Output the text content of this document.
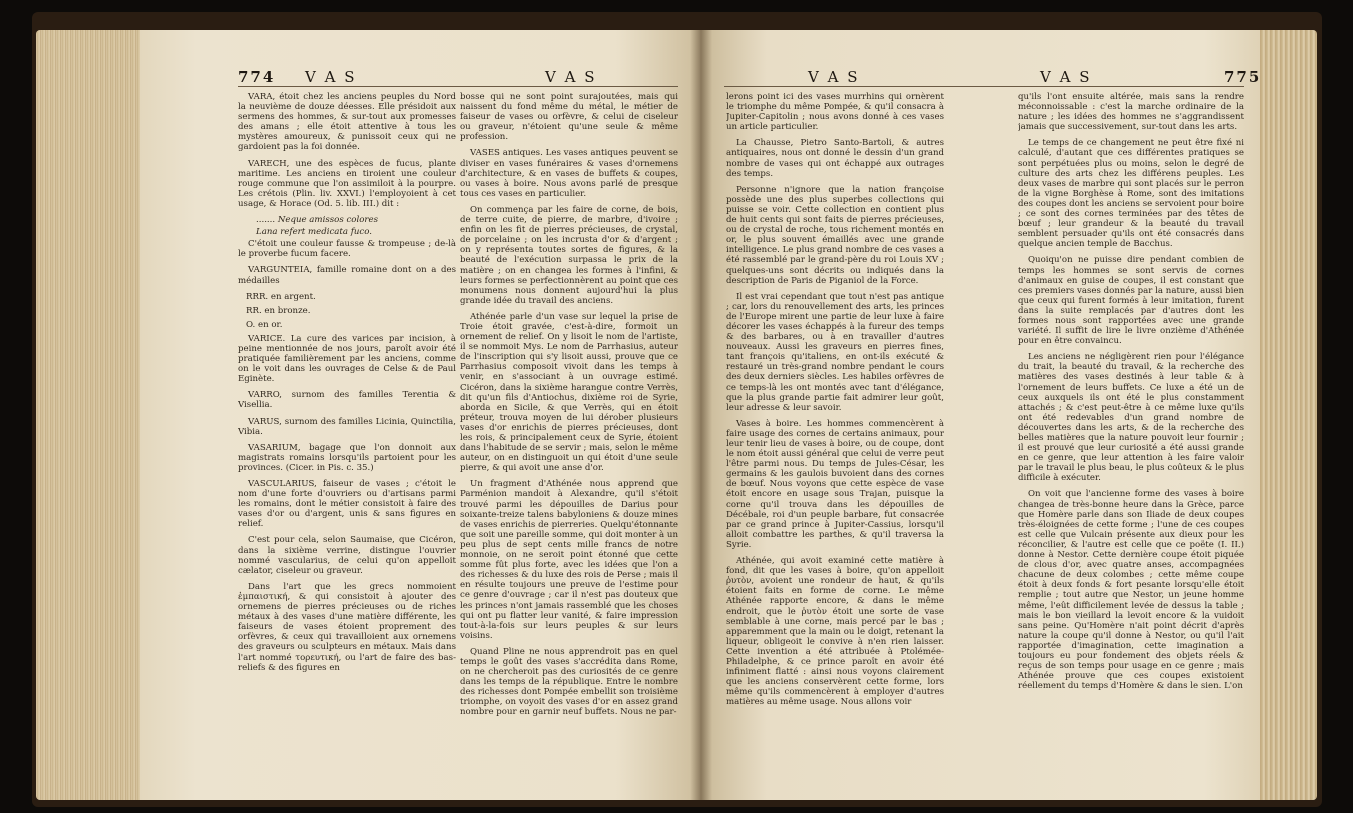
774 V A S	V A S	V A S	V A S	775

VARA, étoit chez les anciens peuples du Nord la neuvième de douze déesses. Elle présidoit aux sermens des hommes, & sur-tout aux promesses des amans ; elle étoit attentive à tous les mystères amoureux, & punissoit ceux qui ne gardoient pas la foi donnée.

VARECH, une des espèces de fucus, plante maritime. Les anciens en tiroient une couleur rouge commune que l'on assimiloit à la pourpre. Les crétois (Plin. liv. XXVI.) l'employoient à cet usage, & Horace (Od. 5. lib. III.) dit :

....... Neque amissos colores

Lana refert medicata fuco.

C'étoit une couleur fausse & trompeuse ; de-là le proverbe fucum facere.

VARGUNTEIA, famille romaine dont on a des médailles

RRR. en argent.

RR. en bronze.

O. en or.

VARICE. La cure des varices par incision, à peine mentionnée de nos jours, paroît avoir été pratiquée familièrement par les anciens, comme on le voit dans les ouvrages de Celse & de Paul Eginète.

VARRO, surnom des familles Terentia & Visellia.

VARUS, surnom des familles Licinia, Quinctilia, Vibia.

VASARIUM, bagage que l'on donnoit aux magistrats romains lorsqu'ils partoient pour les provinces. (Cicer. in Pis. c. 35.)

VASCULARIUS, faiseur de vases ; c'étoit le nom d'une forte d'ouvriers ou d'artisans parmi les romains, dont le métier consistoit à faire des vases d'or ou d'argent, unis & sans figures en relief.

C'est pour cela, selon Saumaise, que Cicéron, dans la sixième verrine, distingue l'ouvrier nommé vascularius, de celui qu'on appelloit cælator, ciseleur ou graveur.

Dans l'art que les grecs nommoient ἐμπαιστική, & qui consistoit à ajouter des ornemens de pierres précieuses ou de riches métaux à des vases d'une matière différente, les faiseurs de vases étoient proprement des orfèvres, & ceux qui travailloient aux ornemens des graveurs ou sculpteurs en métaux. Mais dans l'art nommé τορευτική, ou l'art de faire des bas-reliefs & des figures en

bosse qui ne sont point surajoutées, mais qui naissent du fond même du métal, le métier de faiseur de vases ou orfèvre, & celui de ciseleur ou graveur, n'étoient qu'une seule & même profession.

VASES antiques. Les vases antiques peuvent se diviser en vases funéraires & vases d'ornemens d'architecture, & en vases de buffets & coupes, ou vases à boire. Nous avons parlé de presque tous ces vases en particulier.

On commença par les faire de corne, de bois, de terre cuite, de pierre, de marbre, d'ivoire ; enfin on les fit de pierres précieuses, de crystal, de porcelaine ; on les incrusta d'or & d'argent ; on y représenta toutes sortes de figures, & la beauté de l'exécution surpassa le prix de la matière ; on en changea les formes à l'infini, & leurs formes se perfectionnèrent au point que ces monumens nous donnent aujourd'hui la plus grande idée du travail des anciens.

Athénée parle d'un vase sur lequel la prise de Troie étoit gravée, c'est-à-dire, formoit un ornement de relief. On y lisoit le nom de l'artiste, il se nommoit Mys. Le nom de Parrhasius, auteur de l'inscription qui s'y lisoit aussi, prouve que ce Parrhasius composoit vivoit dans les temps à venir, en s'associant à un ouvrage estimé. Cicéron, dans la sixième harangue contre Verrès, dit qu'un fils d'Antiochus, dixième roi de Syrie, aborda en Sicile, & que Verrès, qui en étoit préteur, trouva moyen de lui dérober plusieurs vases d'or enrichis de pierres précieuses, dont les rois, & principalement ceux de Syrie, étoient dans l'habitude de se servir ; mais, selon le même auteur, on en distinguoit un qui étoit d'une seule pierre, & qui avoit une anse d'or.

Un fragment d'Athénée nous apprend que Parménion mandoit à Alexandre, qu'il s'étoit trouvé parmi les dépouilles de Darius pour soixante-treize talens babyloniens & douze mines de vases enrichis de pierreries. Quelqu'étonnante que soit une pareille somme, qui doit monter à un peu plus de sept cents mille francs de notre monnoie, on ne seroit point étonné que cette somme fût plus forte, avec les idées que l'on a des richesses & du luxe des rois de Perse ; mais il en résulte toujours une preuve de l'estime pour ce genre d'ouvrage ; car il n'est pas douteux que les princes n'ont jamais rassemblé que les choses qui ont pu flatter leur vanité, & faire impression tout-à-la-fois sur leurs peuples & sur leurs voisins.

Quand Pline ne nous apprendroit pas en quel temps le goût des vases s'accrédita dans Rome, on ne chercheroit pas des curiosités de ce genre dans les temps de la république. Entre le nombre des richesses dont Pompée embellit son troisième triomphe, on voyoit des vases d'or en assez grand nombre pour en garnir neuf buffets. Nous ne par-

lerons point ici des vases murrhins qui ornèrent le triomphe du même Pompée, & qu'il consacra à Jupiter-Capitolin ; nous avons donné à ces vases un article particulier.

La Chausse, Pietro Santo-Bartoli, & autres antiquaires, nous ont donné le dessin d'un grand nombre de vases qui ont échappé aux outrages des temps.

Personne n'ignore que la nation françoise possède une des plus superbes collections qui puisse se voir. Cette collection en contient plus de huit cents qui sont faits de pierres précieuses, ou de crystal de roche, tous richement montés en or, le plus souvent émaillés avec une grande intelligence. Le plus grand nombre de ces vases a été rassemblé par le grand-père du roi Louis XV ; quelques-uns sont décrits ou indiqués dans la description de Paris de Piganiol de la Force.

Il est vrai cependant que tout n'est pas antique ; car, lors du renouvellement des arts, les princes de l'Europe mirent une partie de leur luxe à faire décorer les vases échappés à la fureur des temps & des barbares, ou à en travailler d'autres nouveaux. Aussi les graveurs en pierres fines, tant françois qu'italiens, en ont-ils exécuté & restauré un très-grand nombre pendant le cours des deux derniers siècles. Les habiles orfèvres de ce temps-là les ont montés avec tant d'élégance, que la plus grande partie fait admirer leur goût, leur adresse & leur savoir.

Vases à boire. Les hommes commencèrent à faire usage des cornes de certains animaux, pour leur tenir lieu de vases à boire, ou de coupe, dont le nom étoit aussi général que celui de verre peut l'être parmi nous. Du temps de Jules-César, les germains & les gaulois buvoient dans des cornes de bœuf. Nous voyons que cette espèce de vase étoit encore en usage sous Trajan, puisque la corne qu'il trouva dans les dépouilles de Décébale, roi d'un peuple barbare, fut consacrée par ce grand prince à Jupiter-Cassius, lorsqu'il alloit combattre les parthes, & qu'il traversa la Syrie.

Athénée, qui avoit examiné cette matière à fond, dit que les vases à boire, qu'on appelloit ῥυτὸν, avoient une rondeur de haut, & qu'ils étoient faits en forme de corne. Le même Athénée rapporte encore, & dans le même endroit, que le ῥυτὸν étoit une sorte de vase semblable à une corne, mais percé par le bas ; apparemment que la main ou le doigt, retenant la liqueur, obligeoit le convive à n'en rien laisser. Cette invention a été attribuée à Ptolémée-Philadelphe, & ce prince paroît en avoir été infiniment flatté : ainsi nous voyons clairement que les anciens conservèrent cette forme, lors même qu'ils commencèrent à employer d'autres matières au même usage. Nous allons voir

qu'ils l'ont ensuite altérée, mais sans la rendre méconnoissable : c'est la marche ordinaire de la nature ; les idées des hommes ne s'aggrandissent jamais que successivement, sur-tout dans les arts.

Le temps de ce changement ne peut être fixé ni calculé, d'autant que ces différentes pratiques se sont perpétuées plus ou moins, selon le degré de culture des arts chez les différens peuples. Les deux vases de marbre qui sont placés sur le perron de la vigne Borghèse à Rome, sont des imitations des coupes dont les anciens se servoient pour boire ; ce sont des cornes terminées par des têtes de bœuf ; leur grandeur & la beauté du travail semblent persuader qu'ils ont été consacrés dans quelque ancien temple de Bacchus.

Quoiqu'on ne puisse dire pendant combien de temps les hommes se sont servis de cornes d'animaux en guise de coupes, il est constant que ces premiers vases donnés par la nature, aussi bien que ceux qui furent formés à leur imitation, furent dans la suite remplacés par d'autres dont les formes nous sont rapportées avec une grande variété. Il suffit de lire le livre onzième d'Athénée pour en être convaincu.

Les anciens ne négligèrent rien pour l'élégance du trait, la beauté du travail, & la recherche des matières des vases destinés à leur table & à l'ornement de leurs buffets. Ce luxe a été un de ceux auxquels ils ont été le plus constamment attachés ; & c'est peut-être à ce même luxe qu'ils ont été redevables d'un grand nombre de découvertes dans les arts, & de la recherche des belles matières que la nature pouvoit leur fournir ; il est prouvé que leur curiosité a été aussi grande en ce genre, que leur attention à les faire valoir par le travail le plus beau, le plus coûteux & le plus difficile à exécuter.

On voit que l'ancienne forme des vases à boire changea de très-bonne heure dans la Grèce, parce que Homère parle dans son Iliade de deux coupes très-éloignées de cette forme ; l'une de ces coupes est celle que Vulcain présente aux dieux pour les réconcilier, & l'autre est celle que ce poëte (I. II.) donne à Nestor. Cette dernière coupe étoit piquée de clous d'or, avec quatre anses, accompagnées chacune de deux colombes ; cette même coupe étoit à deux fonds & fort pesante lorsqu'elle étoit remplie ; tout autre que Nestor, un jeune homme même, l'eût difficilement levée de dessus la table ; mais le bon vieillard la levoit encore & la vuidoit sans peine. Qu'Homère n'ait point décrit d'après nature la coupe qu'il donne à Nestor, ou qu'il l'ait rapportée d'imagination, cette imagination a toujours eu pour fondement des objets réels & reçus de son temps pour usage en ce genre ; mais Athénée prouve que ces coupes existoient réellement du temps d'Homère & dans le sien. L'on
